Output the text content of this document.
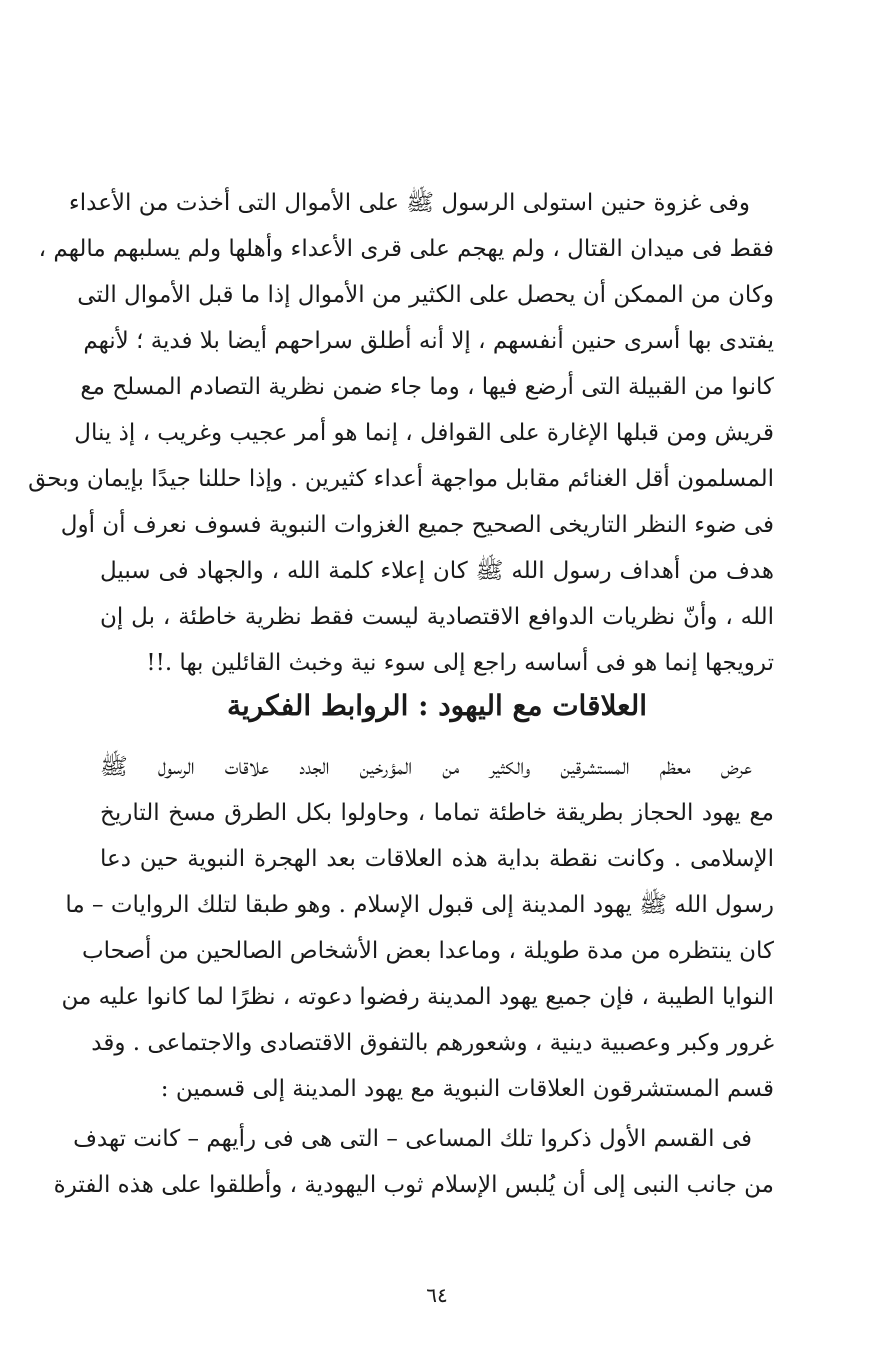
وفى غزوة حنين استولى الرسول ﷺ على الأموال التى أخذت من الأعداء
فقط فى ميدان القتال ، ولم يهجم على قرى الأعداء وأهلها ولم يسلبهم مالهم ،
وكان من الممكن أن يحصل على الكثير من الأموال إذا ما قبل الأموال التى
يفتدى بها أسرى حنين أنفسهم ، إلا أنه أطلق سراحهم أيضا بلا فدية ؛ لأنهم
كانوا من القبيلة التى أرضع فيها ، وما جاء ضمن نظرية التصادم المسلح مع
قريش ومن قبلها الإغارة على القوافل ، إنما هو أمر عجيب وغريب ، إذ ينال
المسلمون أقل الغنائم مقابل مواجهة أعداء كثيرين . وإذا حللنا جيدًا بإيمان وبحق
فى ضوء النظر التاريخى الصحيح جميع الغزوات النبوية فسوف نعرف أن أول
هدف من أهداف رسول الله ﷺ كان إعلاء كلمة الله ، والجهاد فى سبيل
الله ، وأنّ نظريات الدوافع الاقتصادية ليست فقط نظرية خاطئة ، بل إن
ترويجها إنما هو فى أساسه راجع إلى سوء نية وخبث القائلين بها .!!
العلاقات مع اليهود : الروابط الفكرية
عرض معظم المستشرقين والكثير من المؤرخين الجدد علاقات الرسول ﷺ
مع يهود الحجاز بطريقة خاطئة تماما ، وحاولوا بكل الطرق مسخ التاريخ
الإسلامى . وكانت نقطة بداية هذه العلاقات بعد الهجرة النبوية حين دعا
رسول الله ﷺ يهود المدينة إلى قبول الإسلام . وهو طبقا لتلك الروايات – ما
كان ينتظره من مدة طويلة ، وماعدا بعض الأشخاص الصالحين من أصحاب
النوايا الطيبة ، فإن جميع يهود المدينة رفضوا دعوته ، نظرًا لما كانوا عليه من
غرور وكبر وعصبية دينية ، وشعورهم بالتفوق الاقتصادى والاجتماعى . وقد
قسم المستشرقون العلاقات النبوية مع يهود المدينة إلى قسمين :
فى القسم الأول ذكروا تلك المساعى – التى هى فى رأيهم – كانت تهدف
من جانب النبى إلى أن يُلبس الإسلام ثوب اليهودية ، وأطلقوا على هذه الفترة
٦٤
